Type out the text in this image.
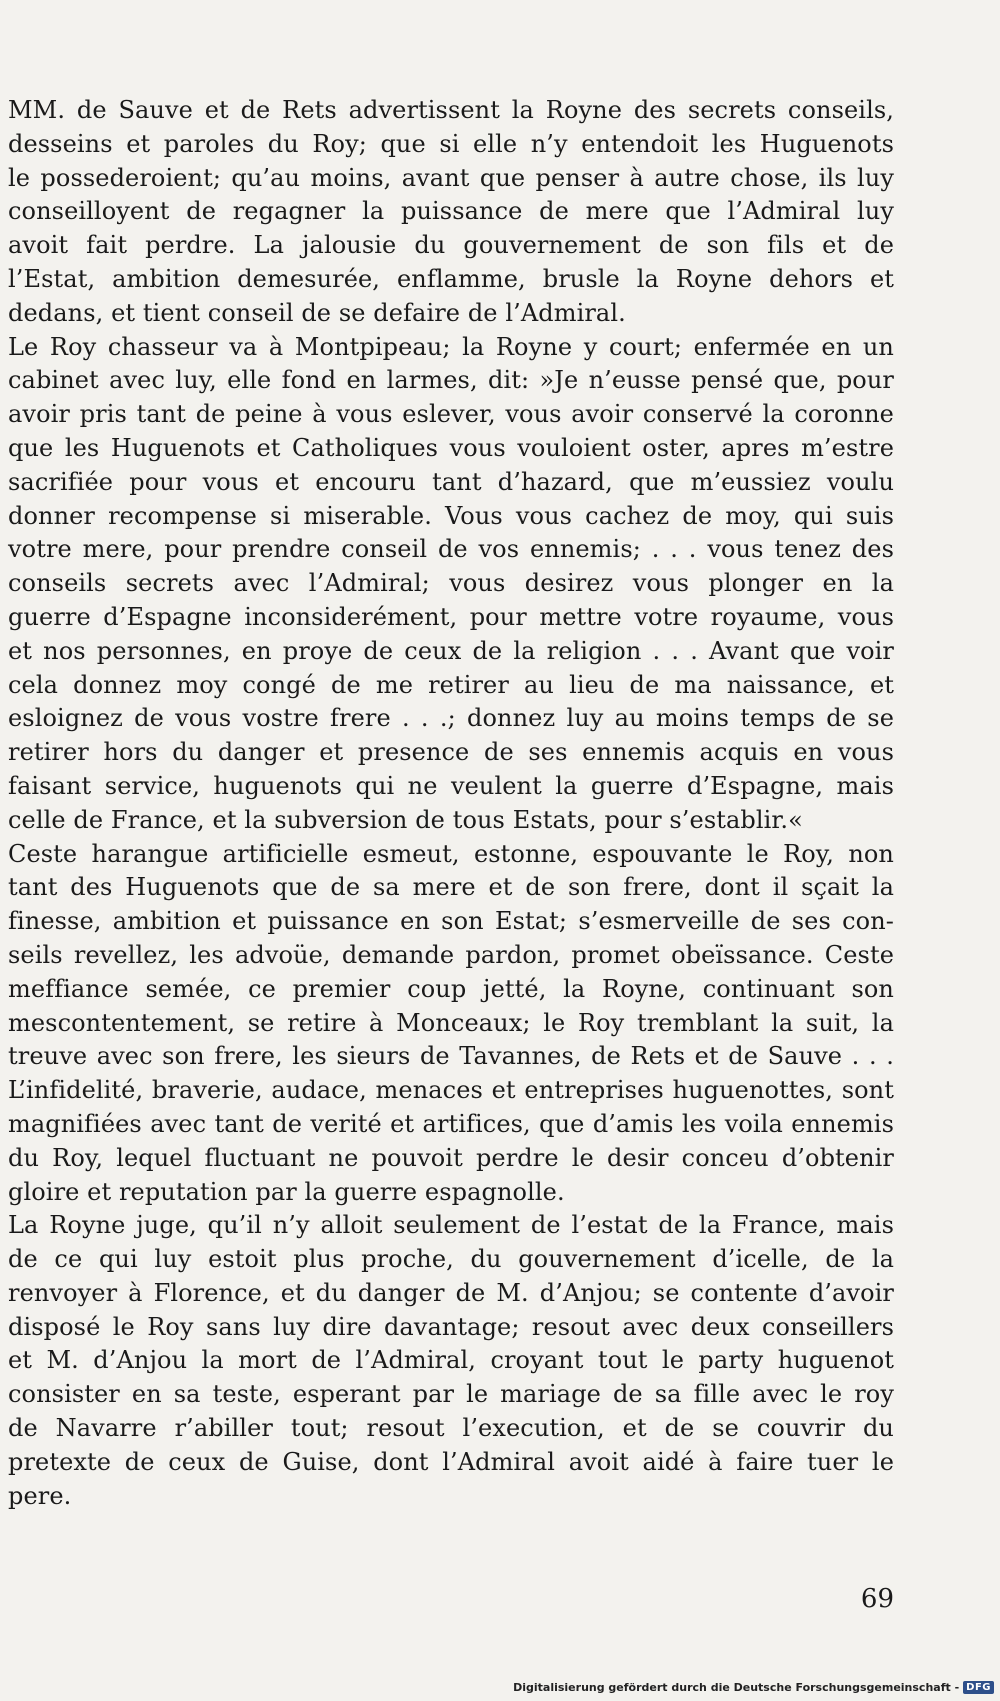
MM. de Sauve et de Rets advertissent la Royne des secrets conseils,
desseins et paroles du Roy; que si elle n’y entendoit les Huguenots
le possederoient; qu’au moins, avant que penser à autre chose, ils luy
conseilloyent de regagner la puissance de mere que l’Admiral luy
avoit fait perdre. La jalousie du gouvernement de son fils et de
l’Estat, ambition demesurée, enflamme, brusle la Royne dehors et
dedans, et tient conseil de se defaire de l’Admiral.
Le Roy chasseur va à Montpipeau; la Royne y court; enfermée en un
cabinet avec luy, elle fond en larmes, dit: »Je n’eusse pensé que, pour
avoir pris tant de peine à vous eslever, vous avoir conservé la coronne
que les Huguenots et Catholiques vous vouloient oster, apres m’estre
sacrifiée pour vous et encouru tant d’hazard, que m’eussiez voulu
donner recompense si miserable. Vous vous cachez de moy, qui suis
votre mere, pour prendre conseil de vos ennemis; . . . vous tenez des
conseils secrets avec l’Admiral; vous desirez vous plonger en la
guerre d’Espagne inconsiderément, pour mettre votre royaume, vous
et nos personnes, en proye de ceux de la religion . . . Avant que voir
cela donnez moy congé de me retirer au lieu de ma naissance, et
esloignez de vous vostre frere . . .; donnez luy au moins temps de se
retirer hors du danger et presence de ses ennemis acquis en vous
faisant service, huguenots qui ne veulent la guerre d’Espagne, mais
celle de France, et la subversion de tous Estats, pour s’establir.«
Ceste harangue artificielle esmeut, estonne, espouvante le Roy, non
tant des Huguenots que de sa mere et de son frere, dont il sçait la
finesse, ambition et puissance en son Estat; s’esmerveille de ses con-
seils revellez, les advoüe, demande pardon, promet obeïssance. Ceste
meffiance semée, ce premier coup jetté, la Royne, continuant son
mescontentement, se retire à Monceaux; le Roy tremblant la suit, la
treuve avec son frere, les sieurs de Tavannes, de Rets et de Sauve . . .
L’infidelité, braverie, audace, menaces et entreprises huguenottes, sont
magnifiées avec tant de verité et artifices, que d’amis les voila ennemis
du Roy, lequel fluctuant ne pouvoit perdre le desir conceu d’obtenir
gloire et reputation par la guerre espagnolle.
La Royne juge, qu’il n’y alloit seulement de l’estat de la France, mais
de ce qui luy estoit plus proche, du gouvernement d’icelle, de la
renvoyer à Florence, et du danger de M. d’Anjou; se contente d’avoir
disposé le Roy sans luy dire davantage; resout avec deux conseillers
et M. d’Anjou la mort de l’Admiral, croyant tout le party huguenot
consister en sa teste, esperant par le mariage de sa fille avec le roy
de Navarre r’abiller tout; resout l’execution, et de se couvrir du
pretexte de ceux de Guise, dont l’Admiral avoit aidé à faire tuer le
pere.
69
Digitalisierung gefördert durch die Deutsche Forschungsgemeinschaft - DFG
